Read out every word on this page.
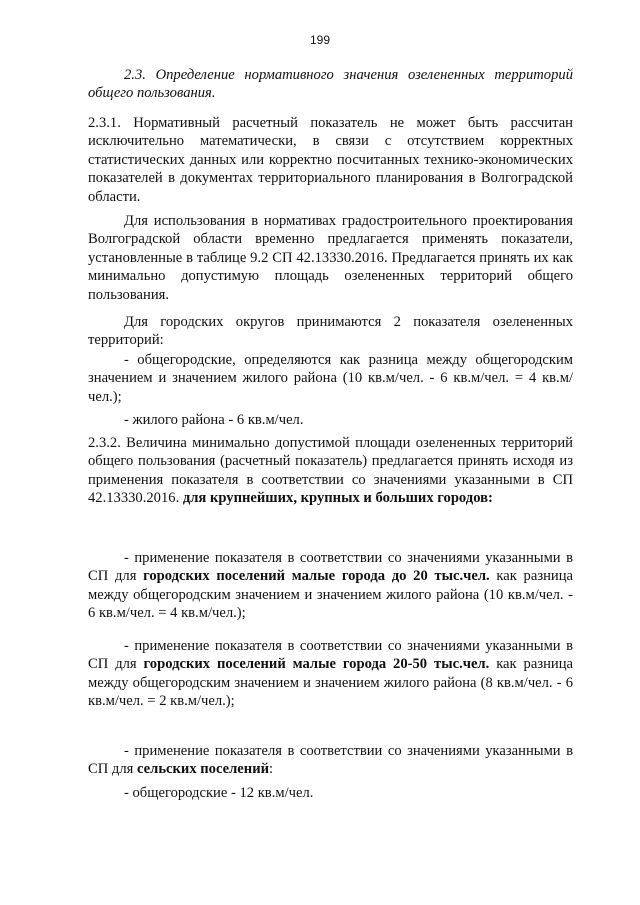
199
2.3. Определение нормативного значения озелененных территорий общего пользования.
2.3.1. Нормативный расчетный показатель не может быть рассчитан исключительно математически, в связи с отсутствием корректных статистических данных или корректно посчитанных технико-экономических показателей в документах территориального планирования в Волгоградской области.
Для использования в нормативах градостроительного проектирования Волгоградской области временно предлагается применять показатели, установленные в таблице 9.2 СП 42.13330.2016. Предлагается принять их как минимально допустимую площадь озелененных территорий общего пользования.
Для городских округов принимаются 2 показателя озелененных территорий:
- общегородские, определяются как разница между общегородским значением и значением жилого района (10 кв.м/чел. - 6 кв.м/чел. = 4 кв.м/чел.);
- жилого района - 6 кв.м/чел.
2.3.2. Величина минимально допустимой площади озелененных территорий общего пользования (расчетный показатель) предлагается принять исходя из применения показателя в соответствии со значениями указанными в СП 42.13330.2016. для крупнейших, крупных и больших городов:
- применение показателя в соответствии со значениями указанными в СП для городских поселений малые города до 20 тыс.чел. как разница между общегородским значением и значением жилого района (10 кв.м/чел. - 6 кв.м/чел. = 4 кв.м/чел.);
- применение показателя в соответствии со значениями указанными в СП для городских поселений малые города 20-50 тыс.чел. как разница между общегородским значением и значением жилого района (8 кв.м/чел. - 6 кв.м/чел. = 2 кв.м/чел.);
- применение показателя в соответствии со значениями указанными в СП для сельских поселений:
- общегородские - 12 кв.м/чел.
